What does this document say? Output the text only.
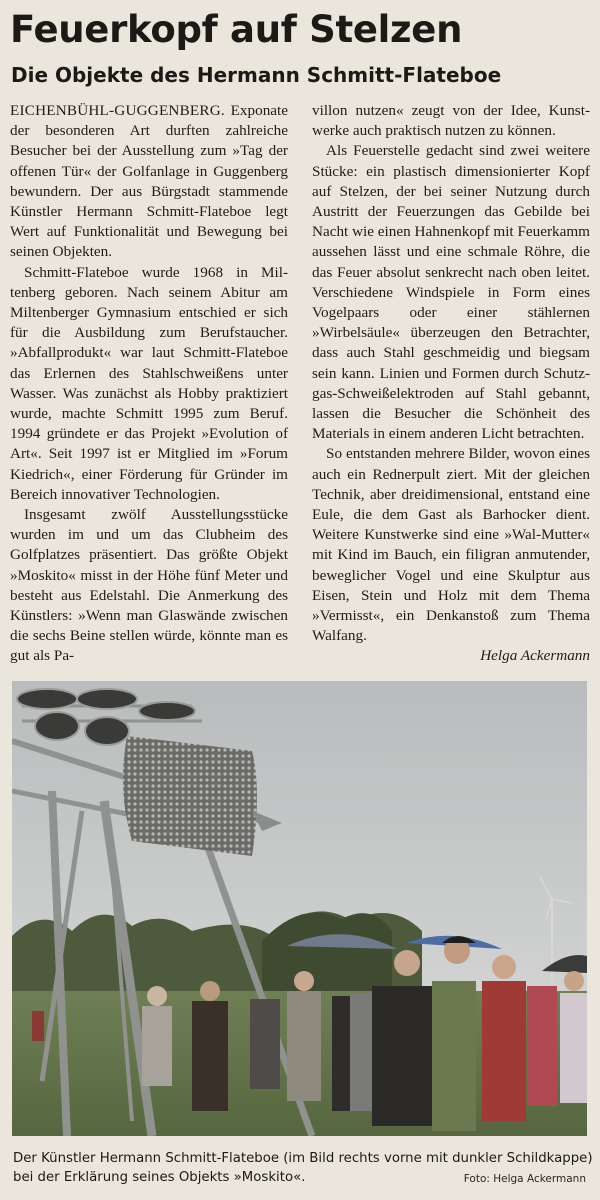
Feuerkopf auf Stelzen
Die Objekte des Hermann Schmitt-Flateboe

EICHENBÜHL-GUGGENBERG. Exponate der besonderen Art durften zahlreiche Besucher bei der Ausstellung zum »Tag der offenen Tür« der Golfanlage in Guggenberg bewundern. Der aus Bürgstadt stammende Künstler Hermann Schmitt-Flateboe legt Wert auf Funktionalität und Bewegung bei seinen Objekten.

Schmitt-Flateboe wurde 1968 in Miltenberg geboren. Nach seinem Abitur am Miltenberger Gymnasium entschied er sich für die Ausbildung zum Berufstaucher. »Abfallprodukt« war laut Schmitt-Flateboe das Erlernen des Stahlschweißens unter Wasser. Was zunächst als Hobby praktiziert wurde, machte Schmitt 1995 zum Beruf. 1994 gründete er das Projekt »Evolution of Art«. Seit 1997 ist er Mitglied im »Forum Kiedrich«, einer Förderung für Gründer im Bereich innovativer Technologien.

Insgesamt zwölf Ausstellungsstücke wurden im und um das Clubheim des Golfplatzes präsentiert. Das größte Objekt »Moskito« misst in der Höhe fünf Meter und besteht aus Edelstahl. Die Anmerkung des Künstlers: »Wenn man Glaswände zwischen die sechs Beine stellen würde, könnte man es gut als Pa-

villon nutzen« zeugt von der Idee, Kunstwerke auch praktisch nutzen zu können.

Als Feuerstelle gedacht sind zwei weitere Stücke: ein plastisch dimensionierter Kopf auf Stelzen, der bei seiner Nutzung durch Austritt der Feuerzungen das Gebilde bei Nacht wie einen Hahnenkopf mit Feuerkamm aussehen lässt und eine schmale Röhre, die das Feuer absolut senkrecht nach oben leitet. Verschiedene Windspiele in Form eines Vogelpaars oder einer stählernen »Wirbelsäule« überzeugen den Betrachter, dass auch Stahl geschmeidig und biegsam sein kann. Linien und Formen durch Schutzgas-Schweißelektroden auf Stahl gebannt, lassen die Besucher die Schönheit des Materials in einem anderen Licht betrachten.

So entstanden mehrere Bilder, wovon eines auch ein Rednerpult ziert. Mit der gleichen Technik, aber dreidimensional, entstand eine Eule, die dem Gast als Barhocker dient. Weitere Kunstwerke sind eine »Wal-Mutter« mit Kind im Bauch, ein filigran anmutender, beweglicher Vogel und eine Skulptur aus Eisen, Stein und Holz mit dem Thema »Vermisst«, ein Denkanstoß zum Thema Walfang.

Helga Ackermann

Der Künstler Hermann Schmitt-Flateboe (im Bild rechts vorne mit dunkler Schildkappe) bei der Erklärung seines Objekts »Moskito«.	Foto: Helga Ackermann
